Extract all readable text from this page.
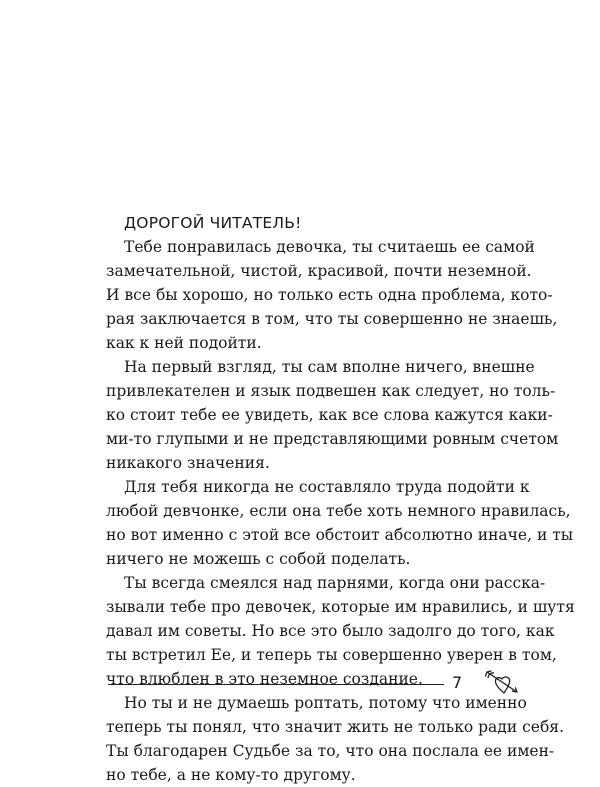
ДОРОГОЙ ЧИТАТЕЛЬ!

Тебе понравилась девочка, ты считаешь ее самой
замечательной, чистой, красивой, почти неземной.
И все бы хорошо, но только есть одна проблема, кото-
рая заключается в том, что ты совершенно не знаешь,
как к ней подойти.

На первый взгляд, ты сам вполне ничего, внешне
привлекателен и язык подвешен как следует, но толь-
ко стоит тебе ее увидеть, как все слова кажутся каки-
ми-то глупыми и не представляющими ровным счетом
никакого значения.

Для тебя никогда не составляло труда подойти к
любой девчонке, если она тебе хоть немного нравилась,
но вот именно с этой все обстоит абсолютно иначе, и ты
ничего не можешь с собой поделать.

Ты всегда смеялся над парнями, когда они расска-
зывали тебе про девочек, которые им нравились, и шутя
давал им советы. Но все это было задолго до того, как
ты встретил Ее, и теперь ты совершенно уверен в том,
что влюблен в это неземное создание.

Но ты и не думаешь роптать, потому что именно
теперь ты понял, что значит жить не только ради себя.
Ты благодарен Судьбе за то, что она послала ее имен-
но тебе, а не кому-то другому.

7
